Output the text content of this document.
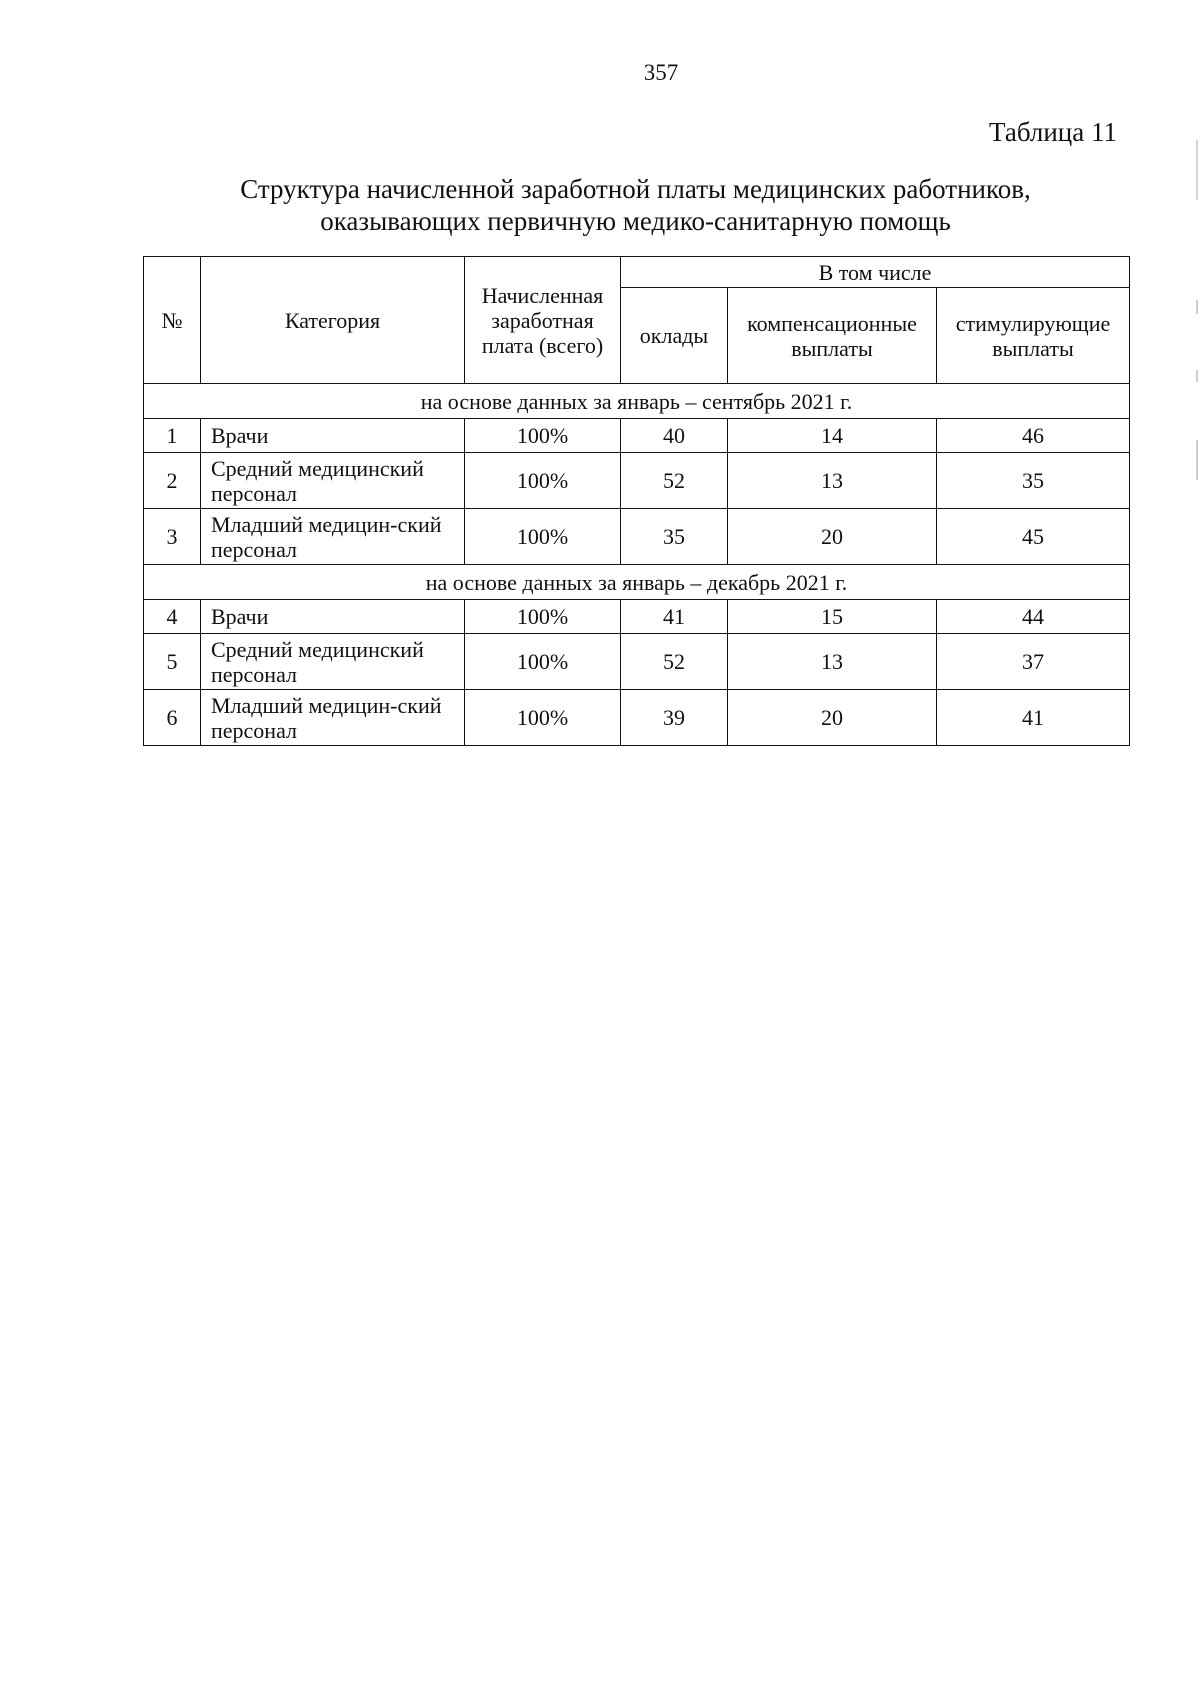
357
Таблица 11
Структура начисленной заработной платы медицинских работников,
оказывающих первичную медико-санитарную помощь
№	Категория	Начисленная заработная плата (всего)	В том числе		
			оклады	компенсационные выплаты	стимулирующие выплаты
на основе данных за январь – сентябрь 2021 г.					
1	Врачи	100%	40	14	46
2	Средний медицинский персонал	100%	52	13	35
3	Младший медицин-ский персонал	100%	35	20	45
на основе данных за январь – декабрь 2021 г.					
4	Врачи	100%	41	15	44
5	Средний медицинский персонал	100%	52	13	37
6	Младший медицин-ский персонал	100%	39	20	41
